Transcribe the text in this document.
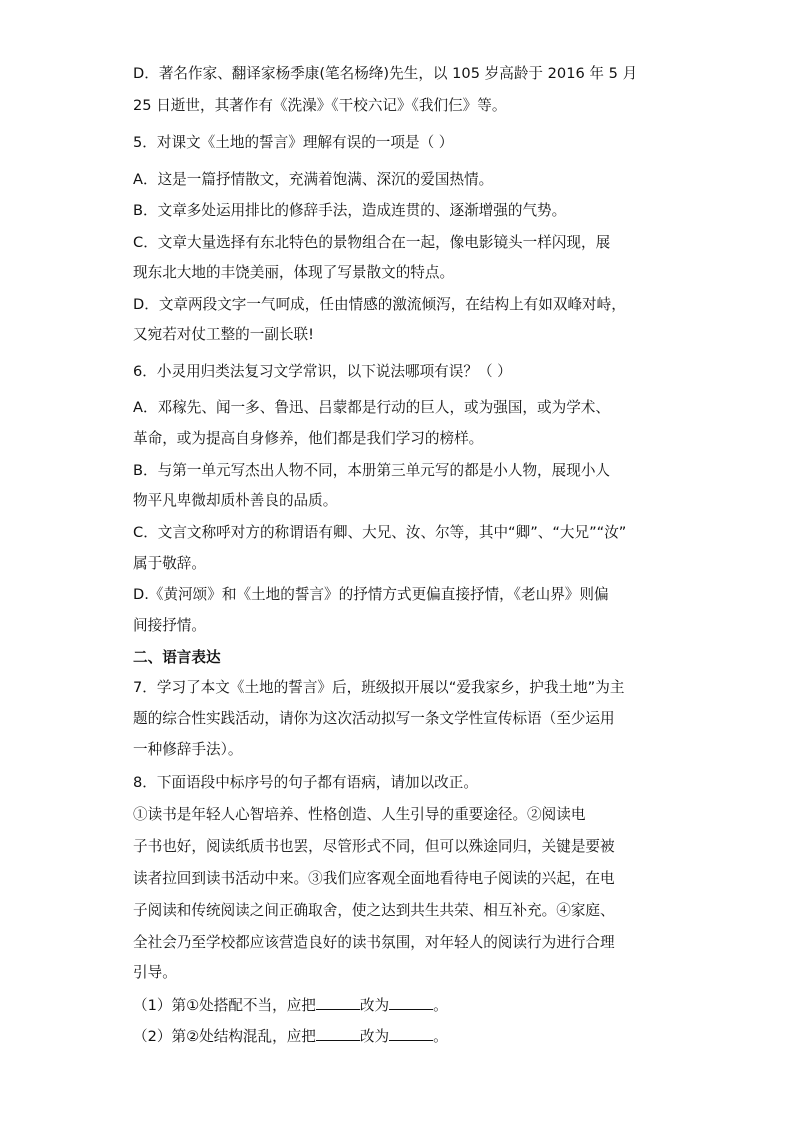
D．著名作家、翻译家杨季康(笔名杨绛)先生，以 105 岁高龄于 2016 年 5 月
25 日逝世，其著作有《洗澡》《干校六记》《我们仨》等。
5．对课文《土地的誓言》理解有误的一项是（ ）
A．这是一篇抒情散文，充满着饱满、深沉的爱国热情。
B．文章多处运用排比的修辞手法，造成连贯的、逐渐增强的气势。
C．文章大量选择有东北特色的景物组合在一起，像电影镜头一样闪现，展
现东北大地的丰饶美丽，体现了写景散文的特点。
D．文章两段文字一气呵成，任由情感的激流倾泻，在结构上有如双峰对峙，
又宛若对仗工整的一副长联!
6．小灵用归类法复习文学常识，以下说法哪项有误？（ ）
A．邓稼先、闻一多、鲁迅、吕蒙都是行动的巨人，或为强国，或为学术、
革命，或为提高自身修养，他们都是我们学习的榜样。
B．与第一单元写杰出人物不同，本册第三单元写的都是小人物，展现小人
物平凡卑微却质朴善良的品质。
C．文言文称呼对方的称谓语有卿、大兄、汝、尔等，其中“卿”、“大兄”“汝”
属于敬辞。
D.《黄河颂》和《土地的誓言》的抒情方式更偏直接抒情，《老山界》则偏
间接抒情。
二、语言表达
7．学习了本文《土地的誓言》后，班级拟开展以“爱我家乡，护我土地”为主
题的综合性实践活动，请你为这次活动拟写一条文学性宣传标语（至少运用
一种修辞手法）。
8．下面语段中标序号的句子都有语病，请加以改正。
①读书是年轻人心智培养、性格创造、人生引导的重要途径。②阅读电
子书也好，阅读纸质书也罢，尽管形式不同，但可以殊途同归，关键是要被
读者拉回到读书活动中来。③我们应客观全面地看待电子阅读的兴起，在电
子阅读和传统阅读之间正确取舍，使之达到共生共荣、相互补充。④家庭、
全社会乃至学校都应该营造良好的读书氛围，对年轻人的阅读行为进行合理
引导。
（1）第①处搭配不当，应把	改为	。
（2）第②处结构混乱，应把	改为	。
